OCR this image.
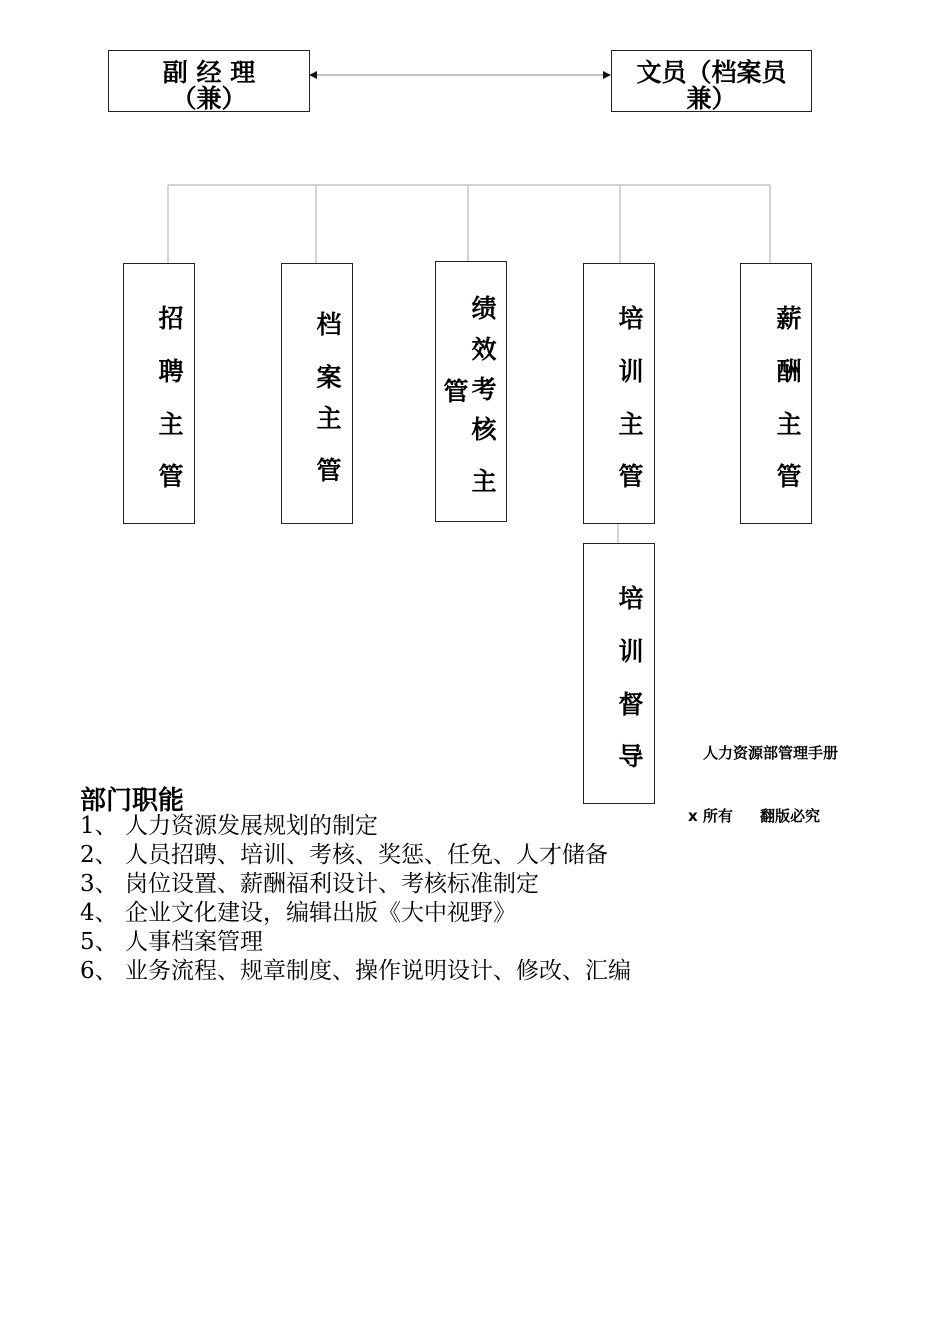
副 经 理
（兼）
文员（档案员
兼）
招
聘
主
管
档
案
主
管
绩
效
考
核
主
管
培
训
主
管
薪
酬
主
管
培
训
督
导	人力资源部管理手册
x 所有 翻版必究
部门职能
1、 人力资源发展规划的制定
2、 人员招聘、培训、考核、奖惩、任免、人才储备
3、 岗位设置、薪酬福利设计、考核标准制定
4、 企业文化建设，编辑出版《大中视野》
5、 人事档案管理
6、 业务流程、规章制度、操作说明设计、修改、汇编
